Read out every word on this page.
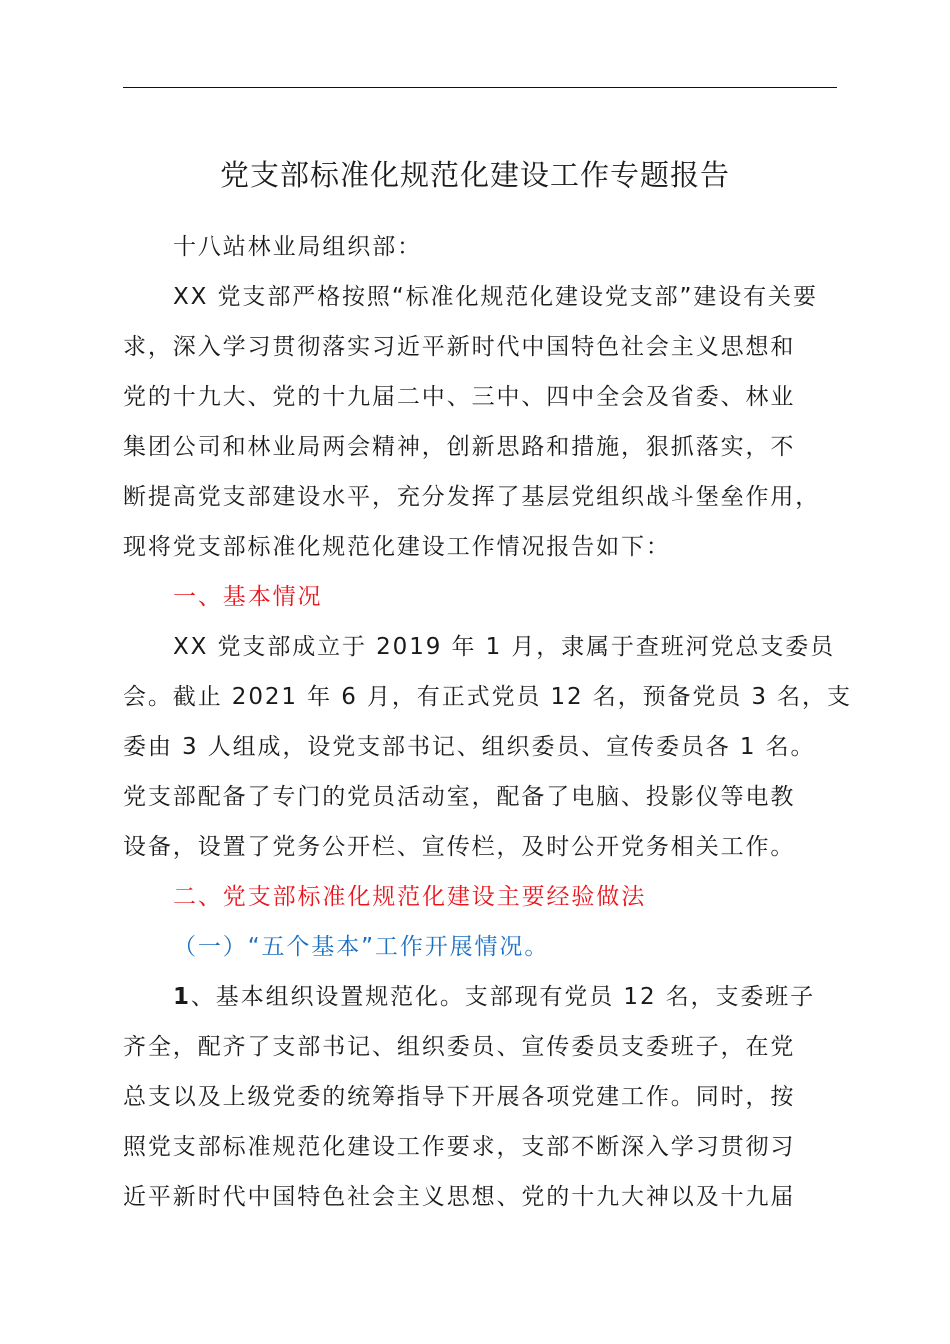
党支部标准化规范化建设工作专题报告
十八站林业局组织部：
XX 党支部严格按照“标准化规范化建设党支部”建设有关要
求，深入学习贯彻落实习近平新时代中国特色社会主义思想和
党的十九大、党的十九届二中、三中、四中全会及省委、林业
集团公司和林业局两会精神，创新思路和措施，狠抓落实，不
断提高党支部建设水平，充分发挥了基层党组织战斗堡垒作用，
现将党支部标准化规范化建设工作情况报告如下：
一、基本情况
XX 党支部成立于 2019 年 1 月，隶属于查班河党总支委员
会。截止 2021 年 6 月，有正式党员 12 名，预备党员 3 名，支
委由 3 人组成，设党支部书记、组织委员、宣传委员各 1 名。
党支部配备了专门的党员活动室，配备了电脑、投影仪等电教
设备，设置了党务公开栏、宣传栏，及时公开党务相关工作。
二、党支部标准化规范化建设主要经验做法
（一）“五个基本”工作开展情况。
1、基本组织设置规范化。支部现有党员 12 名，支委班子
齐全，配齐了支部书记、组织委员、宣传委员支委班子，在党
总支以及上级党委的统筹指导下开展各项党建工作。同时，按
照党支部标准规范化建设工作要求，支部不断深入学习贯彻习
近平新时代中国特色社会主义思想、党的十九大神以及十九届
